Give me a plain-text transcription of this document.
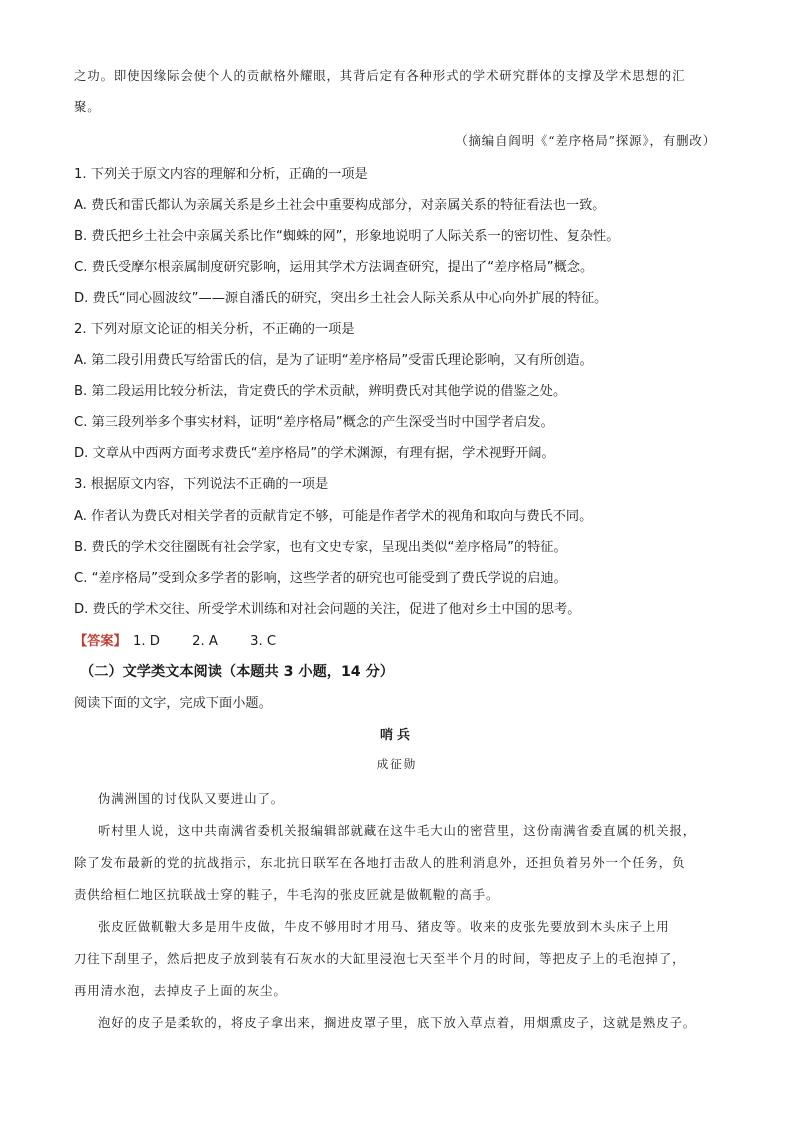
之功。即使因缘际会使个人的贡献格外耀眼，其背后定有各种形式的学术研究群体的支撑及学术思想的汇
聚。
（摘编自阎明《“差序格局”探源》，有删改）
1. 下列关于原文内容的理解和分析，正确的一项是
A. 费氏和雷氏都认为亲属关系是乡土社会中重要构成部分，对亲属关系的特征看法也一致。
B. 费氏把乡土社会中亲属关系比作“蜘蛛的网”，形象地说明了人际关系一的密切性、复杂性。
C. 费氏受摩尔根亲属制度研究影响，运用其学术方法调查研究，提出了“差序格局”概念。
D. 费氏“同心圆波纹”——源自潘氏的研究，突出乡土社会人际关系从中心向外扩展的特征。
2. 下列对原文论证的相关分析，不正确的一项是
A. 第二段引用费氏写给雷氏的信，是为了证明“差序格局”受雷氏理论影响，又有所创造。
B. 第二段运用比较分析法，肯定费氏的学术贡献，辨明费氏对其他学说的借鉴之处。
C. 第三段列举多个事实材料，证明“差序格局”概念的产生深受当时中国学者启发。
D. 文章从中西两方面考求费氏“差序格局”的学术渊源，有理有据，学术视野开阔。
3. 根据原文内容，下列说法不正确的一项是
A. 作者认为费氏对相关学者的贡献肯定不够，可能是作者学术的视角和取向与费氏不同。
B. 费氏的学术交往圈既有社会学家，也有文史专家，呈现出类似“差序格局”的特征。
C. “差序格局”受到众多学者的影响，这些学者的研究也可能受到了费氏学说的启迪。
D. 费氏的学术交往、所受学术训练和对社会问题的关注，促进了他对乡土中国的思考。
【答案】 1. D 2. A 3. C
（二）文学类文本阅读（本题共 3 小题，14 分）
阅读下面的文字，完成下面小题。
哨兵
成征勋
伪满洲国的讨伐队又要进山了。
听村里人说，这中共南满省委机关报编辑部就藏在这牛毛大山的密营里，这份南满省委直属的机关报，
除了发布最新的党的抗战指示，东北抗日联军在各地打击敌人的胜利消息外，还担负着另外一个任务，负
责供给桓仁地区抗联战士穿的鞋子，牛毛沟的张皮匠就是做靰鞡的高手。
张皮匠做靰鞡大多是用牛皮做，牛皮不够用时才用马、猪皮等。收来的皮张先要放到木头床子上用
刀往下刮里子，然后把皮子放到装有石灰水的大缸里浸泡七天至半个月的时间，等把皮子上的毛泡掉了，
再用清水泡，去掉皮子上面的灰尘。
泡好的皮子是柔软的，将皮子拿出来，搁进皮罩子里，底下放入草点着，用烟熏皮子，这就是熟皮子。
